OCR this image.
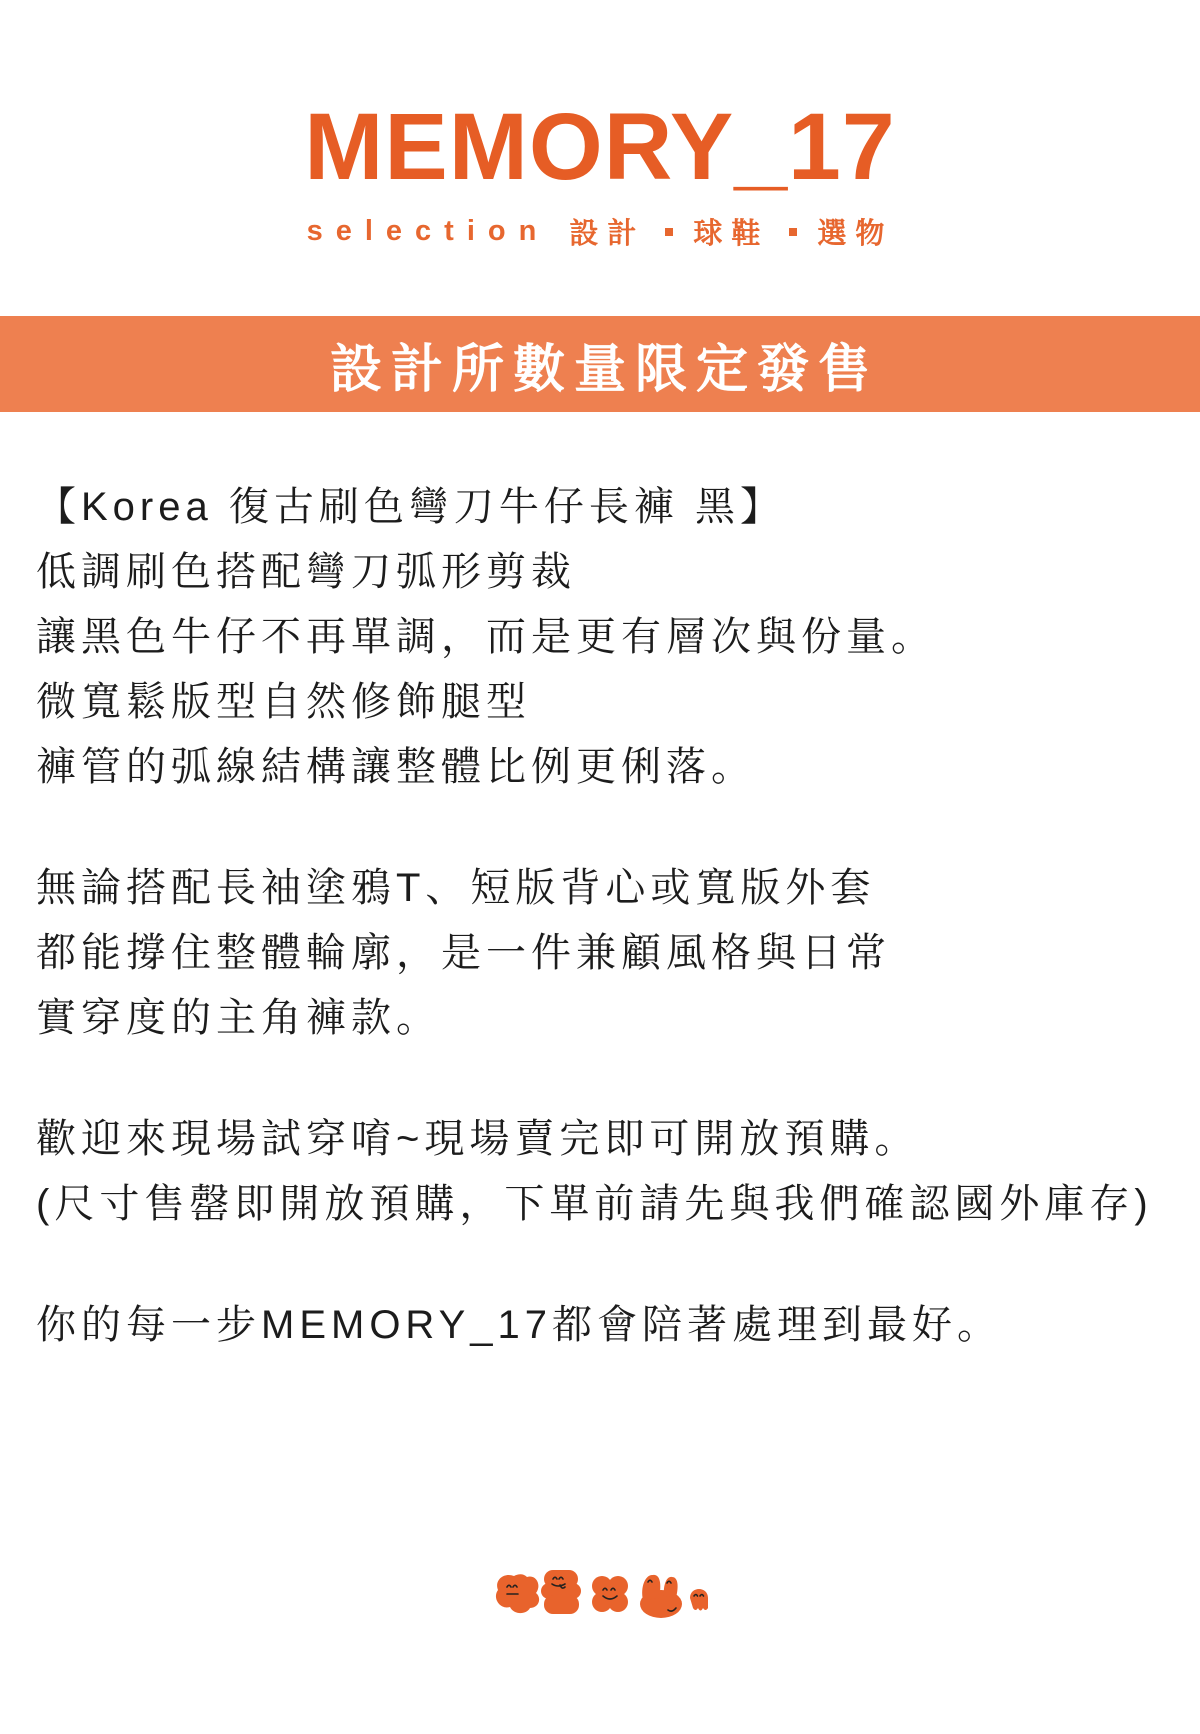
MEMORY_17
selection 設計 球鞋 選物
設計所數量限定發售
【Korea 復古刷色彎刀牛仔長褲 黑】
低調刷色搭配彎刀弧形剪裁
讓黑色牛仔不再單調，而是更有層次與份量。
微寬鬆版型自然修飾腿型
褲管的弧線結構讓整體比例更俐落。
無論搭配長袖塗鴉T、短版背心或寬版外套
都能撐住整體輪廓，是一件兼顧風格與日常
實穿度的主角褲款。
歡迎來現場試穿唷~現場賣完即可開放預購。
(尺寸售罄即開放預購，下單前請先與我們確認國外庫存)
你的每一步MEMORY_17都會陪著處理到最好。
